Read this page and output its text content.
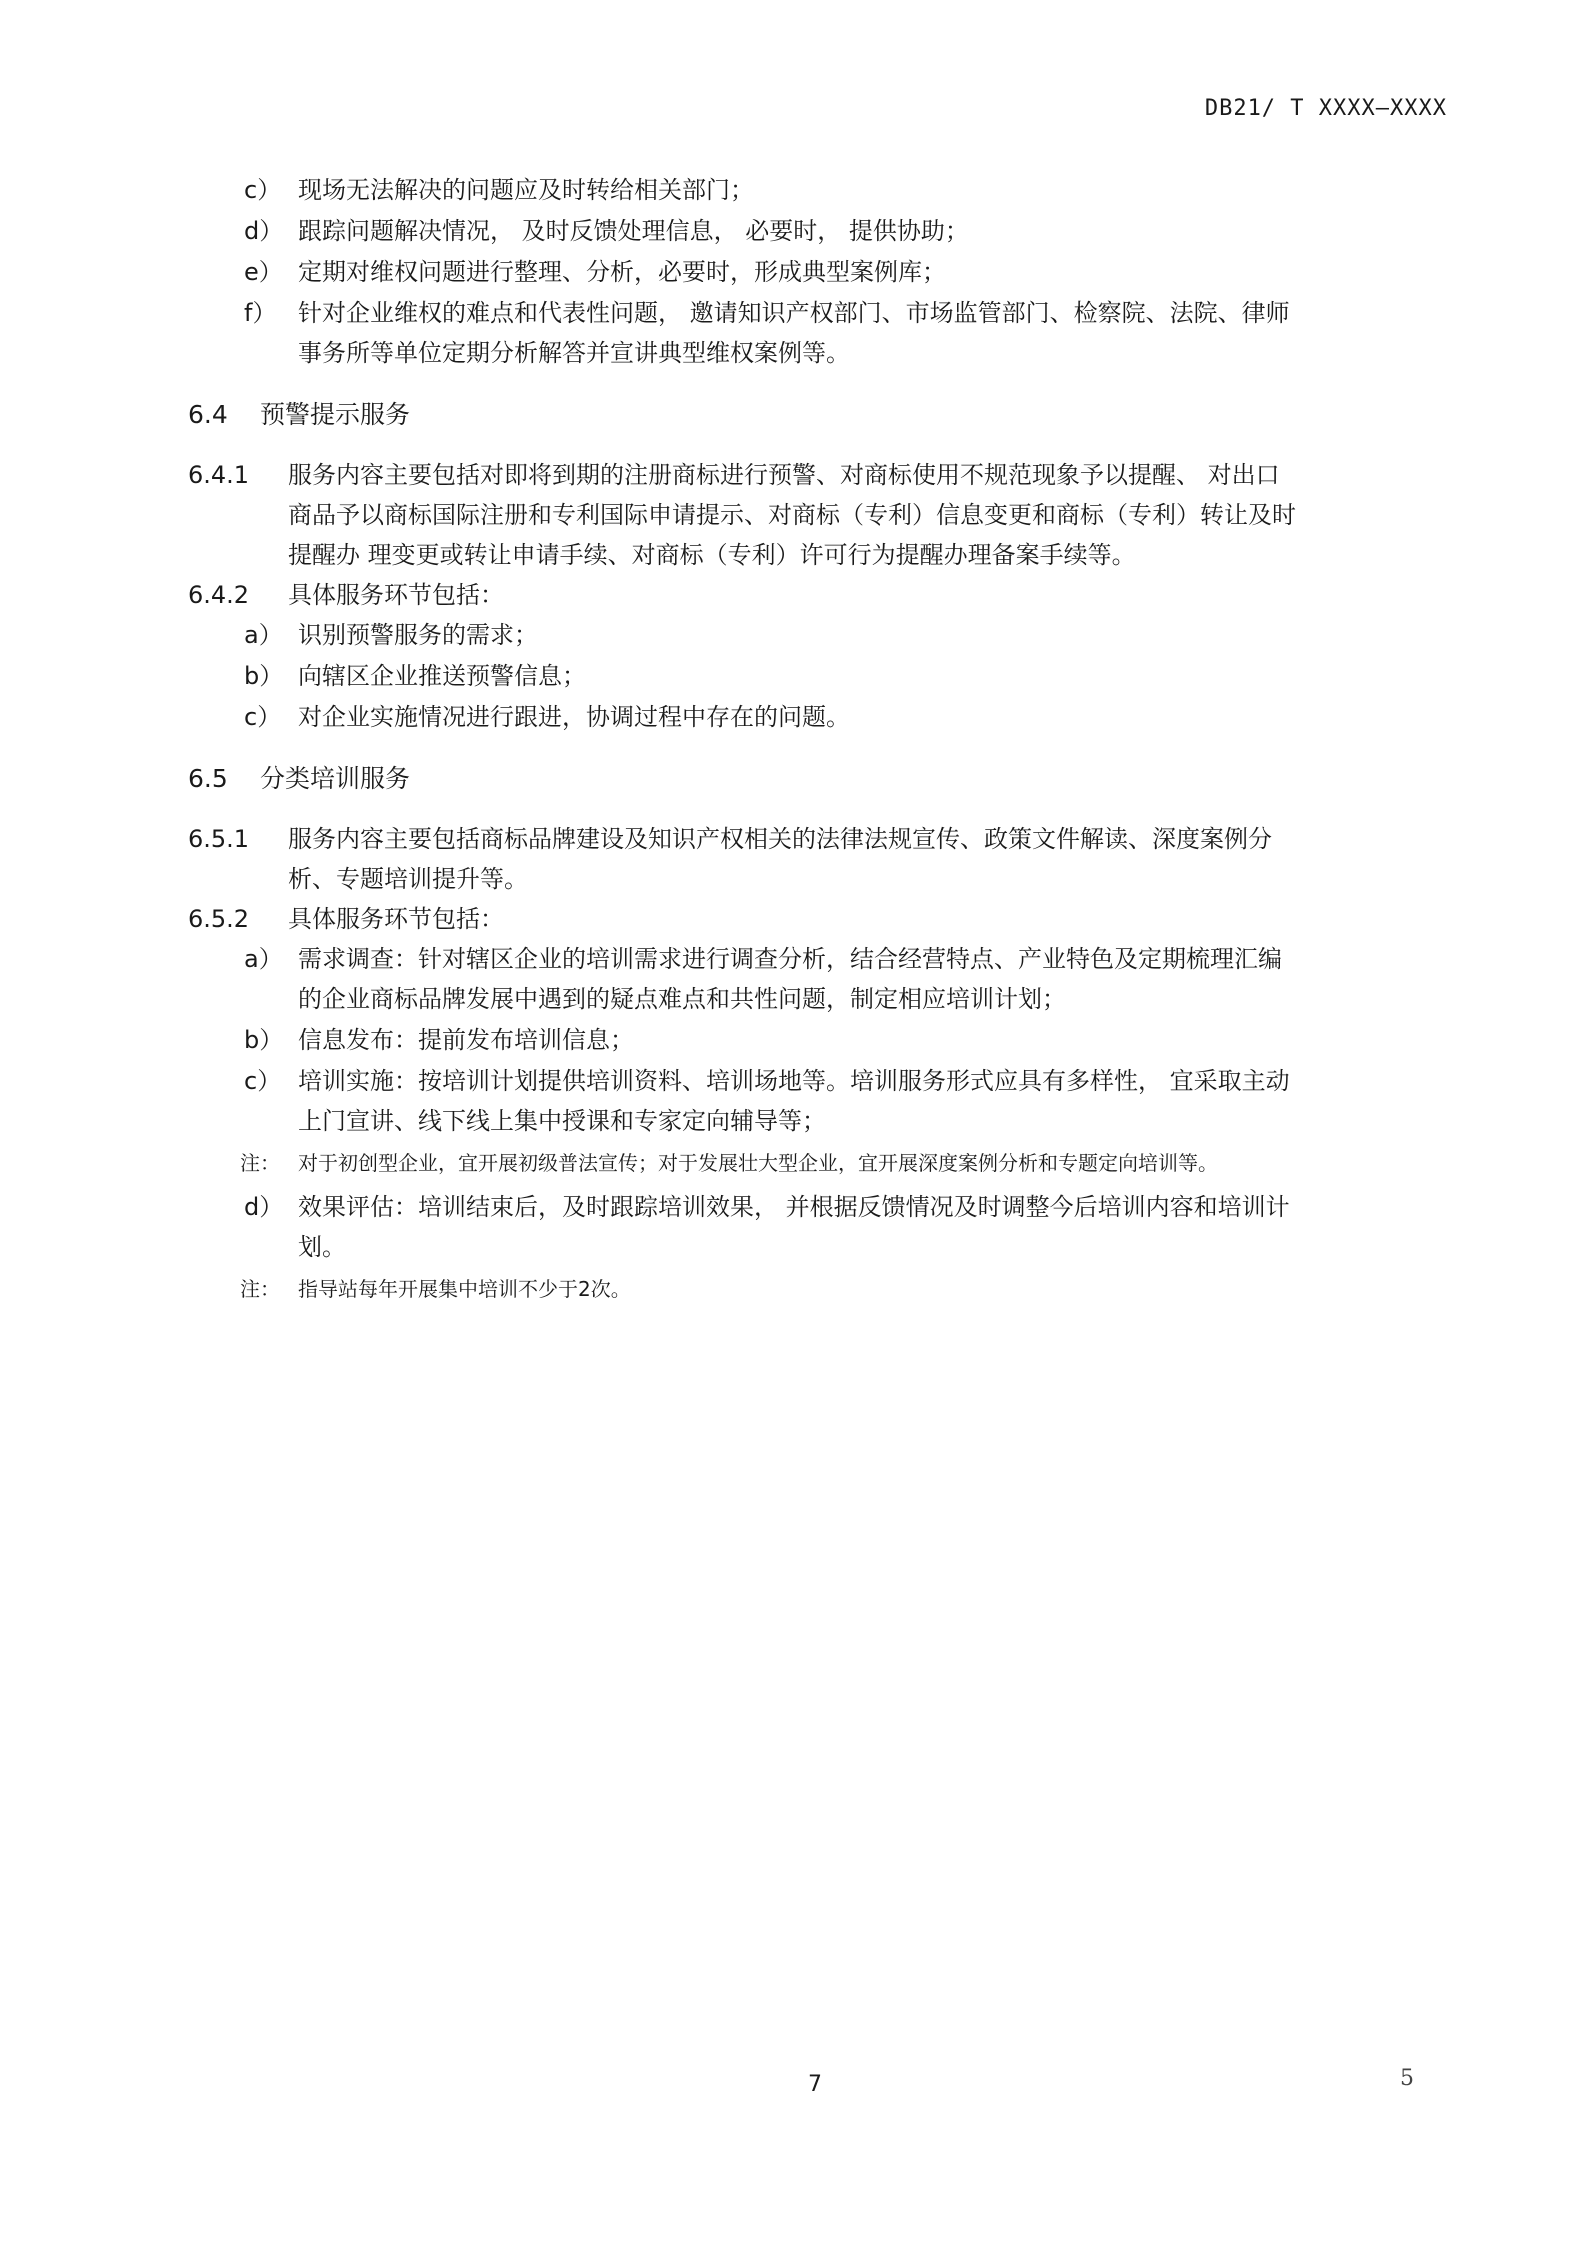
DB21/ T XXXX—XXXX
c） 现场无法解决的问题应及时转给相关部门；
d） 跟踪问题解决情况， 及时反馈处理信息， 必要时， 提供协助；
e） 定期对维权问题进行整理、分析，必要时，形成典型案例库；
f） 针对企业维权的难点和代表性问题， 邀请知识产权部门、市场监管部门、检察院、法院、律师
事务所等单位定期分析解答并宣讲典型维权案例等。
6.4 预警提示服务
6.4.1 服务内容主要包括对即将到期的注册商标进行预警、对商标使用不规范现象予以提醒、 对出口
商品予以商标国际注册和专利国际申请提示、对商标（专利）信息变更和商标（专利）转让及时
提醒办 理变更或转让申请手续、对商标（专利）许可行为提醒办理备案手续等。
6.4.2 具体服务环节包括：
a） 识别预警服务的需求；
b） 向辖区企业推送预警信息；
c） 对企业实施情况进行跟进，协调过程中存在的问题。
6.5 分类培训服务
6.5.1 服务内容主要包括商标品牌建设及知识产权相关的法律法规宣传、政策文件解读、深度案例分
析、专题培训提升等。
6.5.2 具体服务环节包括：
a） 需求调查：针对辖区企业的培训需求进行调查分析，结合经营特点、产业特色及定期梳理汇编
的企业商标品牌发展中遇到的疑点难点和共性问题，制定相应培训计划；
b） 信息发布：提前发布培训信息；
c） 培训实施：按培训计划提供培训资料、培训场地等。培训服务形式应具有多样性， 宜采取主动
上门宣讲、线下线上集中授课和专家定向辅导等；
注： 对于初创型企业，宜开展初级普法宣传；对于发展壮大型企业，宜开展深度案例分析和专题定向培训等。
d） 效果评估：培训结束后，及时跟踪培训效果， 并根据反馈情况及时调整今后培训内容和培训计
划。
注： 指导站每年开展集中培训不少于2次。
7	5
